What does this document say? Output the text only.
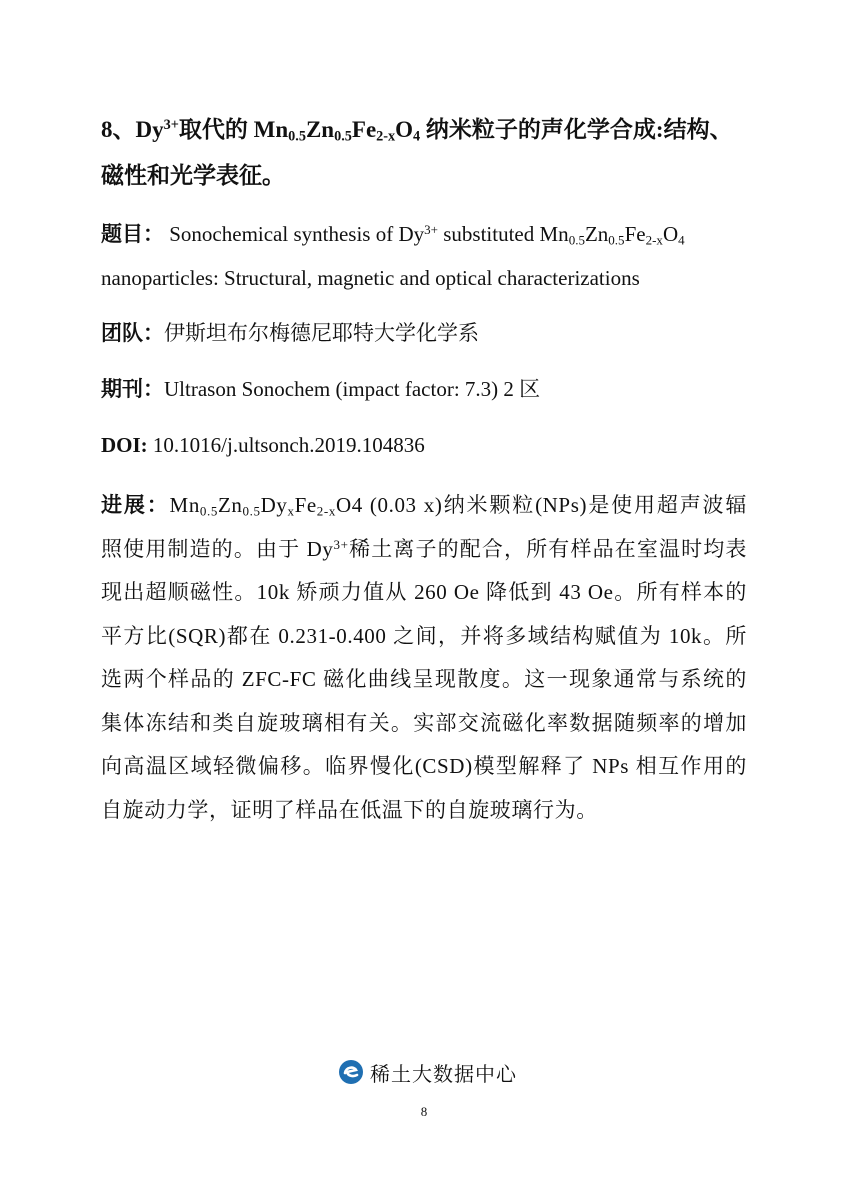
8、$Dy^{3+}$取代的 $Mn_{0.5}Zn_{0.5}Fe_{2-x}O_4$ 纳米粒子的声化学合成:结构、磁性和光学表征。

题目： Sonochemical synthesis of $Dy^{3+}$ substituted $Mn_{0.5}Zn_{0.5}Fe_{2-x}O_4$

nanoparticles: Structural, magnetic and optical characterizations

团队：伊斯坦布尔梅德尼耶特大学化学系

期刊：Ultrason Sonochem (impact factor: 7.3) 2 区

DOI: 10.1016/j.ultsonch.2019.104836

进展：$Mn_{0.5}Zn_{0.5}Dy_xFe_{2-x}O4$ (0.03 x)纳米颗粒(NPs)是使用超声波辐照使用制造的。由于 $Dy^{3+}$稀土离子的配合，所有样品在室温时均表现出超顺磁性。10k 矫顽力值从 260 Oe 降低到 43 Oe。所有样本的平方比(SQR)都在 0.231-0.400 之间，并将多域结构赋值为 10k。所选两个样品的 ZFC-FC 磁化曲线呈现散度。这一现象通常与系统的集体冻结和类自旋玻璃相有关。实部交流磁化率数据随频率的增加向高温区域轻微偏移。临界慢化(CSD)模型解释了 NPs 相互作用的自旋动力学，证明了样品在低温下的自旋玻璃行为。

稀土大数据中心
8
